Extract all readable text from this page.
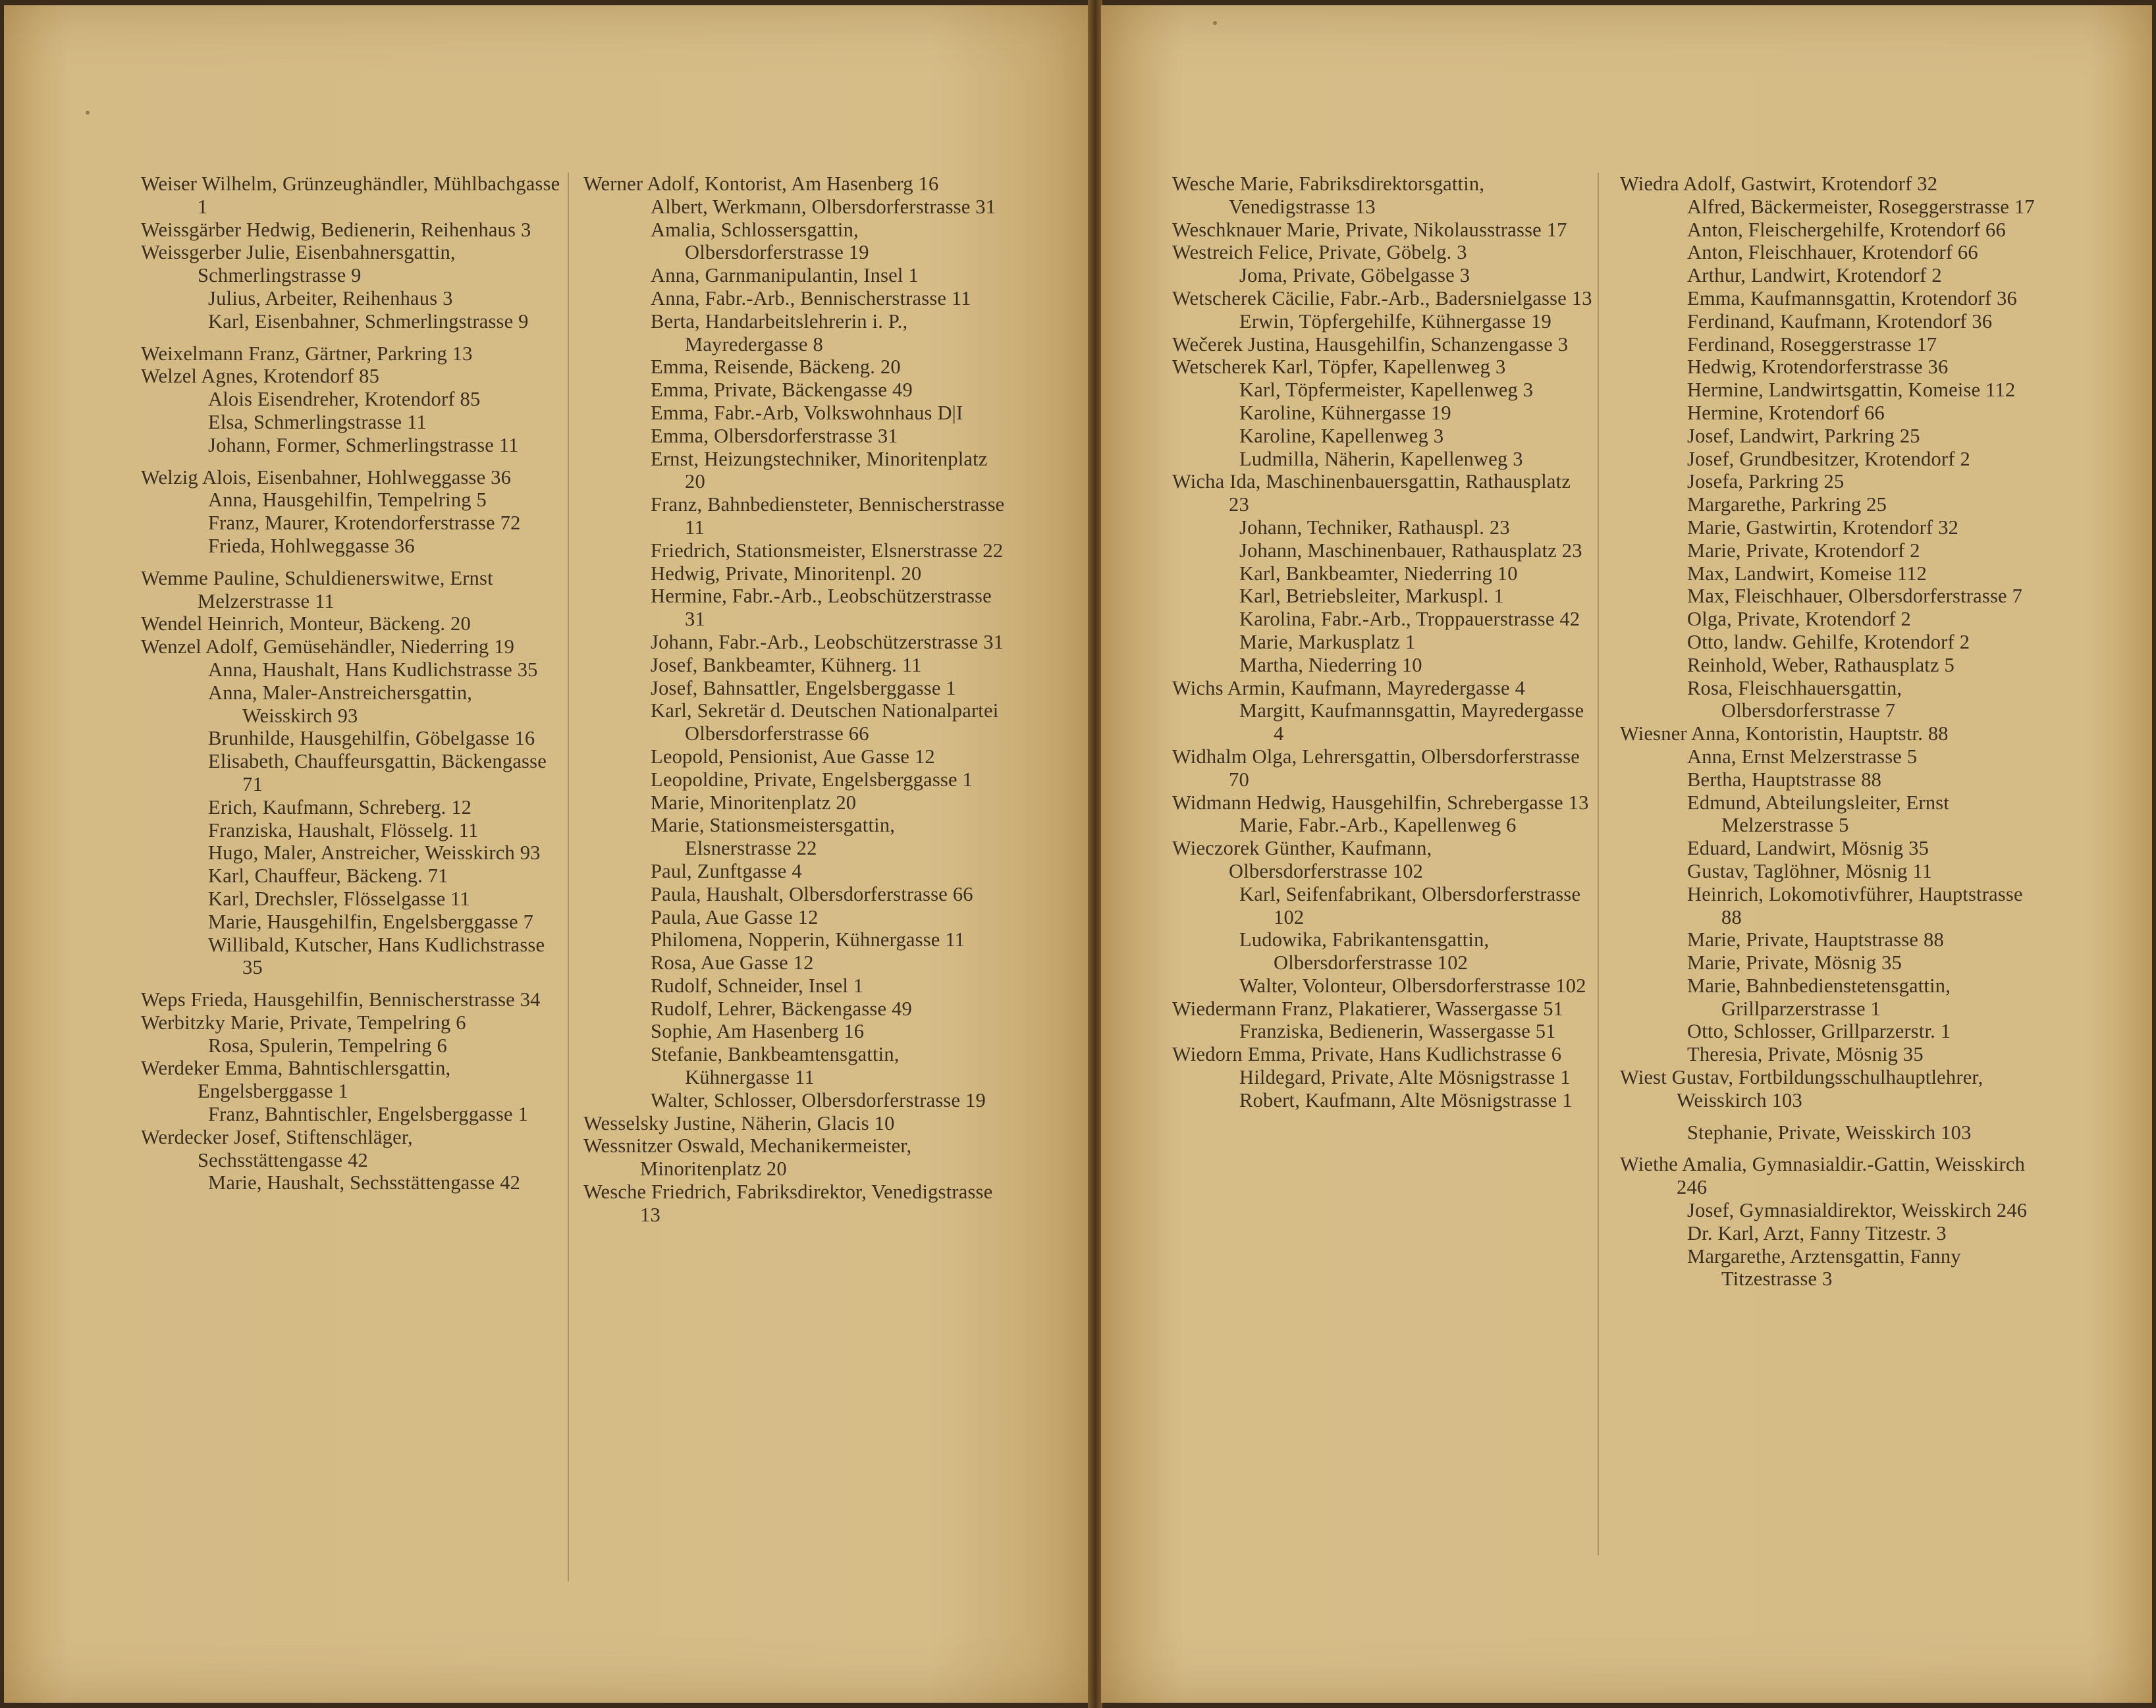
Weiser Wilhelm, Grünzeughändler, Mühlbachgasse 1

Weissgärber Hedwig, Bedienerin, Reihenhaus 3

Weissgerber Julie, Eisenbahnersgattin, Schmerlingstrasse 9

Julius, Arbeiter, Reihenhaus 3

Karl, Eisenbahner, Schmerlingstrasse 9

Weixelmann Franz, Gärtner, Parkring 13

Welzel Agnes, Krotendorf 85

Alois Eisendreher, Krotendorf 85

Elsa, Schmerlingstrasse 11

Johann, Former, Schmerlingstrasse 11

Welzig Alois, Eisenbahner, Hohlweggasse 36

Anna, Hausgehilfin, Tempelring 5

Franz, Maurer, Krotendorferstrasse 72

Frieda, Hohlweggasse 36

Wemme Pauline, Schuldienerswitwe, Ernst Melzerstrasse 11

Wendel Heinrich, Monteur, Bäckeng. 20

Wenzel Adolf, Gemüsehändler, Niederring 19

Anna, Haushalt, Hans Kudlichstrasse 35

Anna, Maler-Anstreichersgattin, Weisskirch 93

Brunhilde, Hausgehilfin, Göbelgasse 16

Elisabeth, Chauffeursgattin, Bäckengasse 71

Erich, Kaufmann, Schreberg. 12

Franziska, Haushalt, Flösselg. 11

Hugo, Maler, Anstreicher, Weisskirch 93

Karl, Chauffeur, Bäckeng. 71

Karl, Drechsler, Flösselgasse 11

Marie, Hausgehilfin, Engelsberggasse 7

Willibald, Kutscher, Hans Kudlichstrasse 35

Weps Frieda, Hausgehilfin, Bennischerstrasse 34

Werbitzky Marie, Private, Tempelring 6

Rosa, Spulerin, Tempelring 6

Werdeker Emma, Bahntischlersgattin, Engelsberggasse 1

Franz, Bahntischler, Engelsberggasse 1

Werdecker Josef, Stiftenschläger, Sechsstättengasse 42

Marie, Haushalt, Sechsstättengasse 42

Werner Adolf, Kontorist, Am Hasenberg 16

Albert, Werkmann, Olbersdorferstrasse 31

Amalia, Schlossersgattin, Olbersdorferstrasse 19

Anna, Garnmanipulantin, Insel 1

Anna, Fabr.-Arb., Bennischerstrasse 11

Berta, Handarbeitslehrerin i. P., Mayredergasse 8

Emma, Reisende, Bäckeng. 20

Emma, Private, Bäckengasse 49

Emma, Fabr.-Arb, Volkswohnhaus D|I

Emma, Olbersdorferstrasse 31

Ernst, Heizungstechniker, Minoritenplatz 20

Franz, Bahnbediensteter, Bennischerstrasse 11

Friedrich, Stationsmeister, Elsnerstrasse 22

Hedwig, Private, Minoritenpl. 20

Hermine, Fabr.-Arb., Leobschützerstrasse 31

Johann, Fabr.-Arb., Leobschützerstrasse 31

Josef, Bankbeamter, Kühnerg. 11

Josef, Bahnsattler, Engelsberggasse 1

Karl, Sekretär d. Deutschen Nationalpartei Olbersdorferstrasse 66

Leopold, Pensionist, Aue Gasse 12

Leopoldine, Private, Engelsberggasse 1

Marie, Minoritenplatz 20

Marie, Stationsmeistersgattin, Elsnerstrasse 22

Paul, Zunftgasse 4

Paula, Haushalt, Olbersdorferstrasse 66

Paula, Aue Gasse 12

Philomena, Nopperin, Kühnergasse 11

Rosa, Aue Gasse 12

Rudolf, Schneider, Insel 1

Rudolf, Lehrer, Bäckengasse 49

Sophie, Am Hasenberg 16

Stefanie, Bankbeamtensgattin, Kühnergasse 11

Walter, Schlosser, Olbersdorferstrasse 19

Wesselsky Justine, Näherin, Glacis 10

Wessnitzer Oswald, Mechanikermeister, Minoritenplatz 20

Wesche Friedrich, Fabriksdirektor, Venedigstrasse 13

Wesche Marie, Fabriksdirektorsgattin, Venedigstrasse 13

Weschknauer Marie, Private, Nikolausstrasse 17

Westreich Felice, Private, Göbelg. 3

Joma, Private, Göbelgasse 3

Wetscherek Cäcilie, Fabr.-Arb., Badersnielgasse 13

Erwin, Töpfergehilfe, Kühnergasse 19

Wečerek Justina, Hausgehilfin, Schanzengasse 3

Wetscherek Karl, Töpfer, Kapellenweg 3

Karl, Töpfermeister, Kapellenweg 3

Karoline, Kühnergasse 19

Karoline, Kapellenweg 3

Ludmilla, Näherin, Kapellenweg 3

Wicha Ida, Maschinenbauersgattin, Rathausplatz 23

Johann, Techniker, Rathauspl. 23

Johann, Maschinenbauer, Rathausplatz 23

Karl, Bankbeamter, Niederring 10

Karl, Betriebsleiter, Markuspl. 1

Karolina, Fabr.-Arb., Troppauerstrasse 42

Marie, Markusplatz 1

Martha, Niederring 10

Wichs Armin, Kaufmann, Mayredergasse 4

Margitt, Kaufmannsgattin, Mayredergasse 4

Widhalm Olga, Lehrersgattin, Olbersdorferstrasse 70

Widmann Hedwig, Hausgehilfin, Schrebergasse 13

Marie, Fabr.-Arb., Kapellenweg 6

Wieczorek Günther, Kaufmann, Olbersdorferstrasse 102

Karl, Seifenfabrikant, Olbersdorferstrasse 102

Ludowika, Fabrikantensgattin, Olbersdorferstrasse 102

Walter, Volonteur, Olbersdorferstrasse 102

Wiedermann Franz, Plakatierer, Wassergasse 51

Franziska, Bedienerin, Wassergasse 51

Wiedorn Emma, Private, Hans Kudlichstrasse 6

Hildegard, Private, Alte Mösnigstrasse 1

Robert, Kaufmann, Alte Mösnigstrasse 1

Wiedra Adolf, Gastwirt, Krotendorf 32

Alfred, Bäckermeister, Roseggerstrasse 17

Anton, Fleischergehilfe, Krotendorf 66

Anton, Fleischhauer, Krotendorf 66

Arthur, Landwirt, Krotendorf 2

Emma, Kaufmannsgattin, Krotendorf 36

Ferdinand, Kaufmann, Krotendorf 36

Ferdinand, Roseggerstrasse 17

Hedwig, Krotendorferstrasse 36

Hermine, Landwirtsgattin, Komeise 112

Hermine, Krotendorf 66

Josef, Landwirt, Parkring 25

Josef, Grundbesitzer, Krotendorf 2

Josefa, Parkring 25

Margarethe, Parkring 25

Marie, Gastwirtin, Krotendorf 32

Marie, Private, Krotendorf 2

Max, Landwirt, Komeise 112

Max, Fleischhauer, Olbersdorferstrasse 7

Olga, Private, Krotendorf 2

Otto, landw. Gehilfe, Krotendorf 2

Reinhold, Weber, Rathausplatz 5

Rosa, Fleischhauersgattin, Olbersdorferstrasse 7

Wiesner Anna, Kontoristin, Hauptstr. 88

Anna, Ernst Melzerstrasse 5

Bertha, Hauptstrasse 88

Edmund, Abteilungsleiter, Ernst Melzerstrasse 5

Eduard, Landwirt, Mösnig 35

Gustav, Taglöhner, Mösnig 11

Heinrich, Lokomotivführer, Hauptstrasse 88

Marie, Private, Hauptstrasse 88

Marie, Private, Mösnig 35

Marie, Bahnbedienstetensgattin, Grillparzerstrasse 1

Otto, Schlosser, Grillparzerstr. 1

Theresia, Private, Mösnig 35

Wiest Gustav, Fortbildungsschulhauptlehrer, Weisskirch 103

Stephanie, Private, Weisskirch 103

Wiethe Amalia, Gymnasialdir.-Gattin, Weisskirch 246

Josef, Gymnasialdirektor, Weisskirch 246

Dr. Karl, Arzt, Fanny Titzestr. 3

Margarethe, Arztensgattin, Fanny Titzestrasse 3
